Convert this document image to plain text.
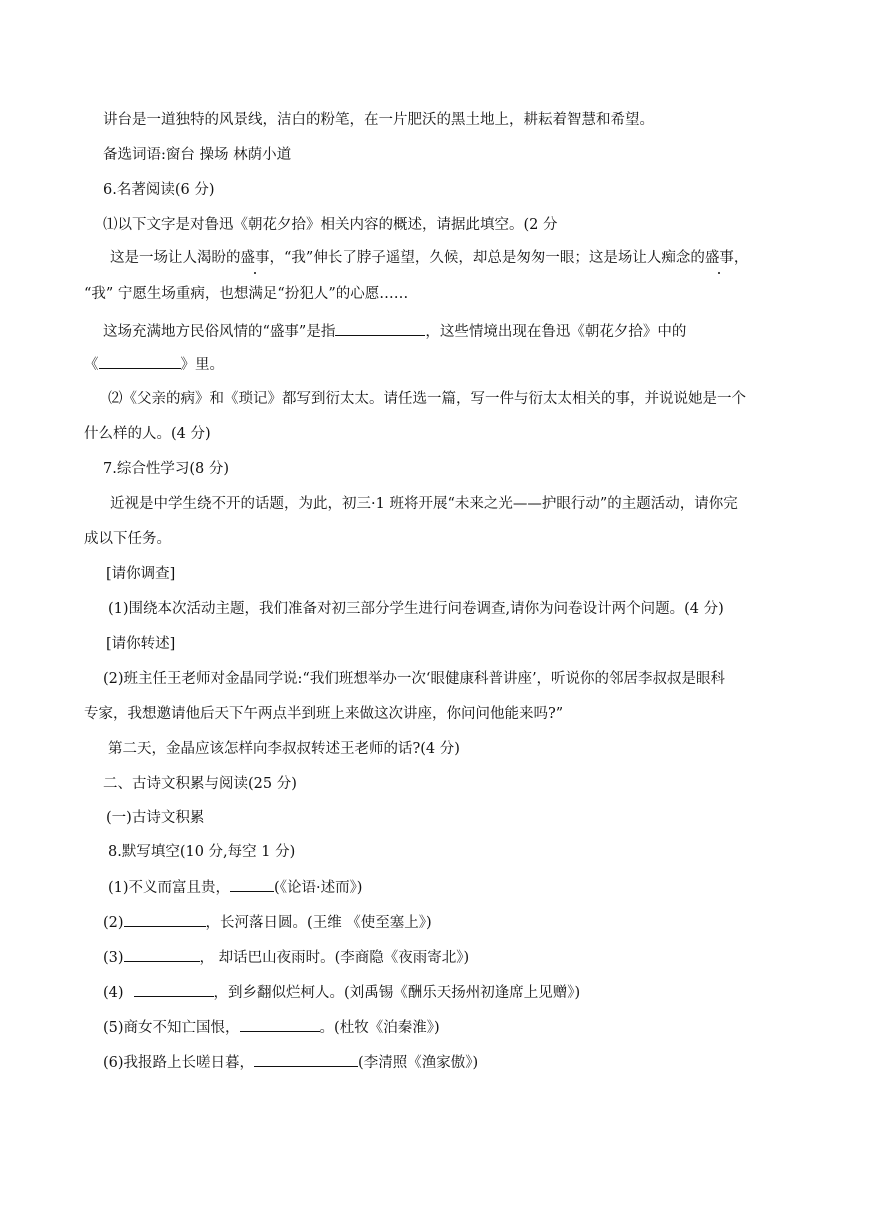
讲台是一道独特的风景线，洁白的粉笔，在一片肥沃的黑土地上，耕耘着智慧和希望。
备选词语:窗台 操场 林荫小道
6.名著阅读(6 分)
⑴以下文字是对鲁迅《朝花夕拾》相关内容的概述，请据此填空。(2 分
这是一场让人渴盼的盛事，“我”伸长了脖子遥望，久候，却总是匆匆一眼；这是场让人痴念的盛事，
“我” 宁愿生场重病，也想满足“扮犯人”的心愿……
这场充满地方民俗风情的“盛事”是指	，这些情境出现在鲁迅《朝花夕拾》中的
《	》里。
⑵《父亲的病》和《琐记》都写到衍太太。请任选一篇，写一件与衍太太相关的事，并说说她是一个
什么样的人。(4 分)
7.综合性学习(8 分)
近视是中学生绕不开的话题，为此，初三·1 班将开展“未来之光——护眼行动”的主题活动，请你完
成以下任务。
[请你调查]
(1)围绕本次活动主题，我们准备对初三部分学生进行问卷调查,请你为问卷设计两个问题。(4 分)
[请你转述]
(2)班主任王老师对金晶同学说:“我们班想举办一次‘眼健康科普讲座’，听说你的邻居李叔叔是眼科
专家，我想邀请他后天下午两点半到班上来做这次讲座，你问问他能来吗?”
第二天，金晶应该怎样向李叔叔转述王老师的话?(4 分)
二、古诗文积累与阅读(25 分)
(一)古诗文积累
8.默写填空(10 分,每空 1 分)
(1)不义而富且贵，	(《论语·述而》)
(2)	，长河落日圆。(王维 《使至塞上》)
(3)	， 却话巴山夜雨时。(李商隐《夜雨寄北》)
(4)	，到乡翻似烂柯人。(刘禹锡《酬乐天扬州初逢席上见赠》)
(5)商女不知亡国恨，	。(杜牧《泊秦淮》)
(6)我报路上长嗟日暮，	(李清照《渔家傲》)
